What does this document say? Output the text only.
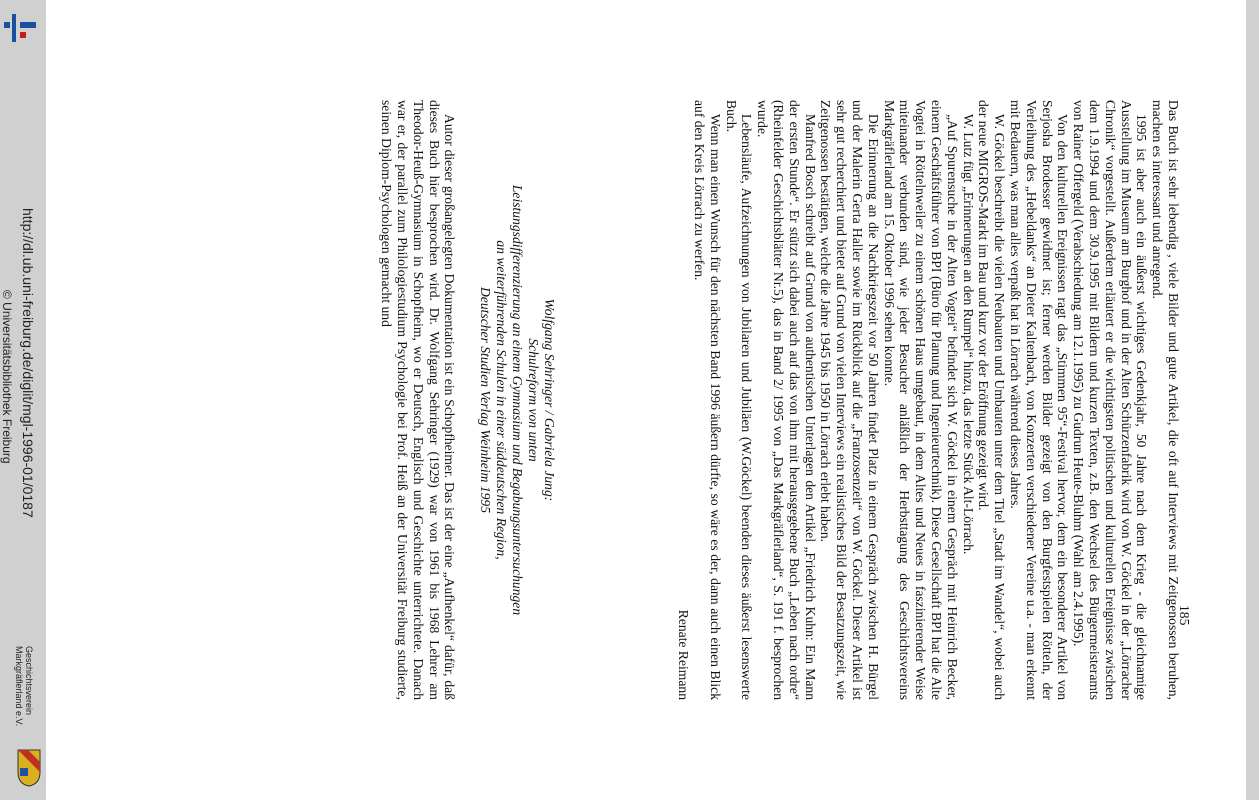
http://dl.ub.uni-freiburg.de/diglit/mgl-1996-01/0187
© Universitätsbibliothek Freiburg
Geschichtsverein
Markgräflerland e.V.	Das Buch ist sehr lebendig , viele Bilder und gute Artikel, die oft auf Interviews mit Zeitgenossen beruhen, machen es interessant und anregend.

1995 ist aber auch ein äußerst wichtiges Gedenkjahr, 50 Jahre nach dem Krieg - die gleichnamige Ausstellung im Museum am Burghof und in der Alten Schürzenfabrik wird von W. Göckel in der „Lörracher Chronik“ vorgestellt. Außerdem erläutert er die wichtigsten politischen und kulturellen Ereignisse zwischen dem 1.9.1994 und dem 30.9.1995 mit Bildern und kurzen Texten, z.B. den Wechsel des Bürgermeisteramts von Rainer Offergeld (Verabschiedung am 12.1.1995) zu Gudrun Heute-Bluhm (Wahl am 2.4.1995).

Von den kulturellen Ereignissen ragt das „Stimmen 95“-Festival hervor, dem ein besonderer Artikel von Serjosha Brodesser gewidmet ist; ferner werden Bilder gezeigt von den Burgfestspielen Rötteln, der Verleihung des „Hebeldanks“ an Dieter Kaltenbach, von Konzerten verschiedener Vereine u.a. - man erkennt mit Bedauern, was man alles verpaßt hat in Lörrach während dieses Jahres.

W. Göckel beschreibt die vielen Neubauten und Umbauten unter dem Titel „Stadt im Wandel“, wobei auch der neue MIGROS-Markt im Bau und kurz vor der Eröffnung gezeigt wird.

W. Lutz fügt „Erinnerungen an den Rumpel“ hinzu, das letzte Stück Alt-Lörrach.

„Auf Spurensuche in der Alten Vogtei“ befindet sich W. Göckel in einem Gespräch mit Heinrich Becker, einem Geschäftsführer von BPI (Büro für Planung und Ingenieurtechnik). Diese Gesellschaft BPI hat die Alte Vogtei in Röttelnweiler zu einem schönen Haus umgebaut, in dem Altes und Neues in faszinierender Weise miteinander verbunden sind, wie jeder Besucher anläßlich der Herbsttagung des Geschichtsvereins Markgräflerland am 15. Oktober 1996 sehen konnte.

Die Erinnerung an die Nachkriegszeit vor 50 Jahren findet Platz in einem Gespräch zwischen H. Bürgel und der Malerin Gerta Haller sowie im Rückblick auf die „Franzosenzeit“ von W. Göckel. Dieser Artikel ist sehr gut recherchiert und bietet auf Grund von vielen Interviews ein realistisches Bild der Besatzungszeit, wie Zeitgenossen bestätigen, welche die Jahre 1945 bis 1950 in Lörrach erlebt haben.

Manfred Bosch schreibt auf Grund von authentischen Unterlagen den Artikel „Friedrich Kuhn: Ein Mann der ersten Stunde“. Er stützt sich dabei auch auf das von ihm mit herausgegebene Buch „Leben nach ordre“ (Rheinfelder Geschichtsblätter Nr.5), das in Band 2/ 1995 von „Das Markgräflerland“, S. 191 f. besprochen wurde.

Lebensläufe, Aufzeichnungen von Jubilaren und Jubiläen (W.Göckel) beenden dieses äußerst lesenswerte Buch.

Wenn man einen Wunsch für den nächsten Band 1996 äußern dürfte, so wäre es der, dann auch einen Blick auf den Kreis Lörrach zu werfen.

Renate Reimann

Wolfgang Sehringer / Gabriela Jung:
Schulreform von unten
Leistungsdifferenzierung an einem Gymnasium und Begabungsuntersuchungen
an weiterführenden Schulen in einer süddeutschen Region,
Deutscher Studien Verlag Weinheim 1995

Autor dieser großangelegten Dokumentation ist ein Schopfheimer. Das ist der eine „Aufhenkel“ dafür, daß dieses Buch hier besprochen wird. Dr. Wolfgang Sehringer (1929) war von 1961 bis 1968 Lehrer am Theodor-Heuß-Gymnasium in Schopfheim, wo er Deutsch, Englisch und Geschichte unterrichtete. Danach war er, der parallel zum Philologiestudium Psychologie bei Prof. Heiß an der Universität Freiburg studierte, seinen Diplom-Psychologen gemacht und

185
